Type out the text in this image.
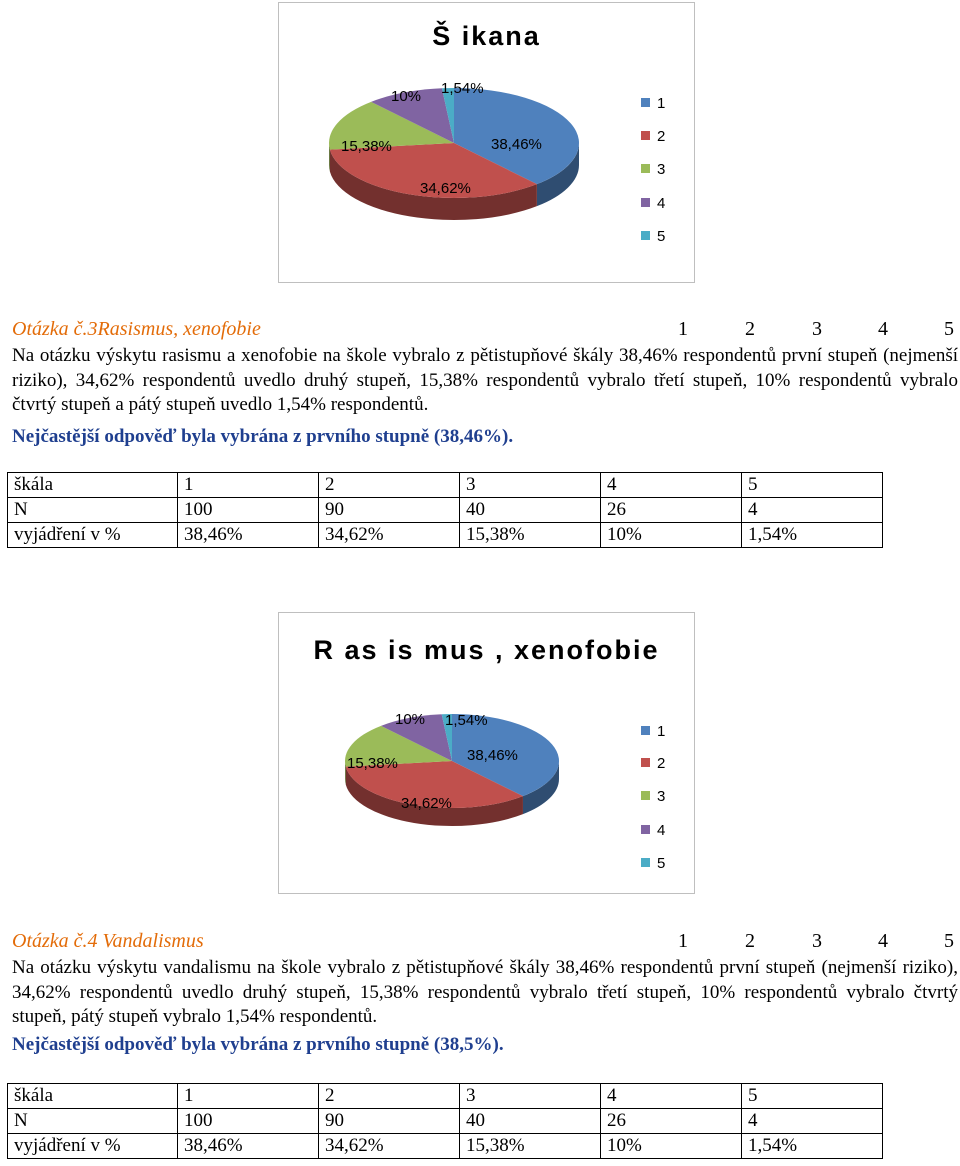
Š ikana
38,46%
34,62%
15,38%
10% 1,54%
1
2
3
4
5
Otázka č.3Rasismus, xenofobie	1	2	3	4	5
Na otázku výskytu rasismu a xenofobie na škole vybralo z pětistupňové škály 38,46% respondentů první stupeň (nejmenší riziko), 34,62% respondentů uvedlo druhý stupeň, 15,38% respondentů vybralo třetí stupeň, 10% respondentů vybralo čtvrtý stupeň a pátý stupeň uvedlo 1,54% respondentů.
Nejčastější odpověď byla vybrána z prvního stupně (38,46%).
škála	1	2	3	4	5
N	100	90	40	26	4
vyjádření v %	38,46%	34,62%	15,38%	10%	1,54%
R as is mus , xenofobie
38,46%
34,62%
15,38%
10% 1,54%
1
2
3
4
5
Otázka č.4 Vandalismus	1	2	3	4	5
Na otázku výskytu vandalismu na škole vybralo z pětistupňové škály 38,46% respondentů první stupeň (nejmenší riziko), 34,62% respondentů uvedlo druhý stupeň, 15,38% respondentů vybralo třetí stupeň, 10% respondentů vybralo čtvrtý stupeň, pátý stupeň vybralo 1,54% respondentů.
Nejčastější odpověď byla vybrána z prvního stupně (38,5%).
škála	1	2	3	4	5
N	100	90	40	26	4
vyjádření v %	38,46%	34,62%	15,38%	10%	1,54%
